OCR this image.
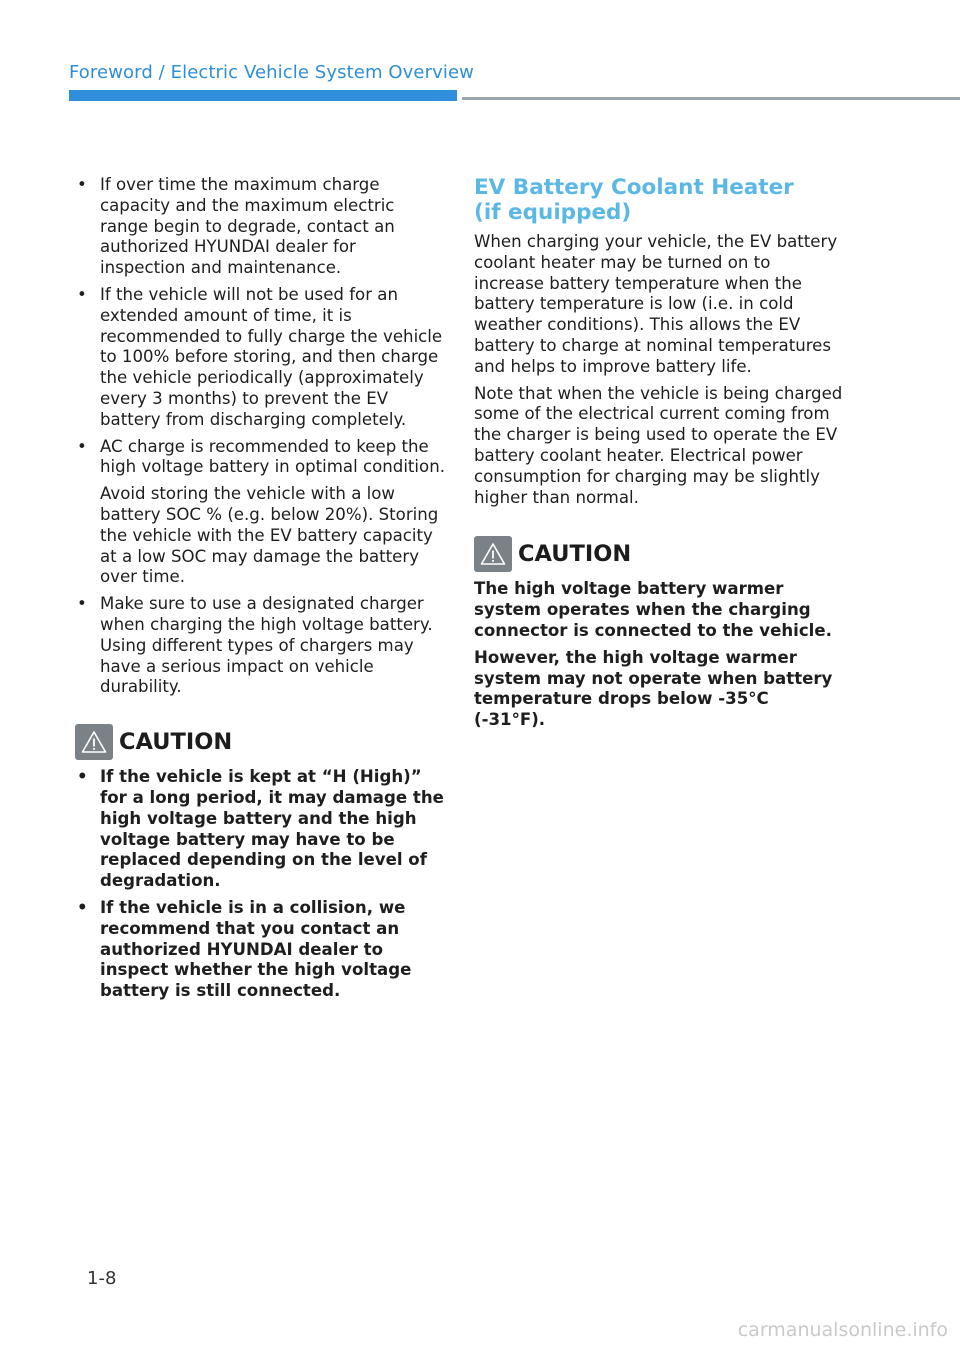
Foreword / Electric Vehicle System Overview
• If over time the maximum charge capacity and the maximum electric range begin to degrade, contact an authorized HYUNDAI dealer for inspection and maintenance.
• If the vehicle will not be used for an extended amount of time, it is recommended to fully charge the vehicle to 100% before storing, and then charge the vehicle periodically (approximately every 3 months) to prevent the EV battery from discharging completely.
• AC charge is recommended to keep the high voltage battery in optimal condition.

Avoid storing the vehicle with a low battery SOC % (e.g. below 20%). Storing the vehicle with the EV battery capacity at a low SOC may damage the battery over time.

• Make sure to use a designated charger when charging the high voltage battery. Using different types of chargers may have a serious impact on vehicle durability.
CAUTION
• If the vehicle is kept at “H (High)” for a long period, it may damage the high voltage battery and the high voltage battery may have to be replaced depending on the level of degradation.
• If the vehicle is in a collision, we recommend that you contact an authorized HYUNDAI dealer to inspect whether the high voltage battery is still connected.
EV Battery Coolant Heater
(if equipped)

When charging your vehicle, the EV battery coolant heater may be turned on to increase battery temperature when the battery temperature is low (i.e. in cold weather conditions). This allows the EV battery to charge at nominal temperatures and helps to improve battery life.

Note that when the vehicle is being charged some of the electrical current coming from the charger is being used to operate the EV battery coolant heater. Electrical power consumption for charging may be slightly higher than normal.

CAUTION

The high voltage battery warmer system operates when the charging connector is connected to the vehicle.

However, the high voltage warmer system may not operate when battery temperature drops below -35°C (-31°F).

1-8
carmanualsonline.info
